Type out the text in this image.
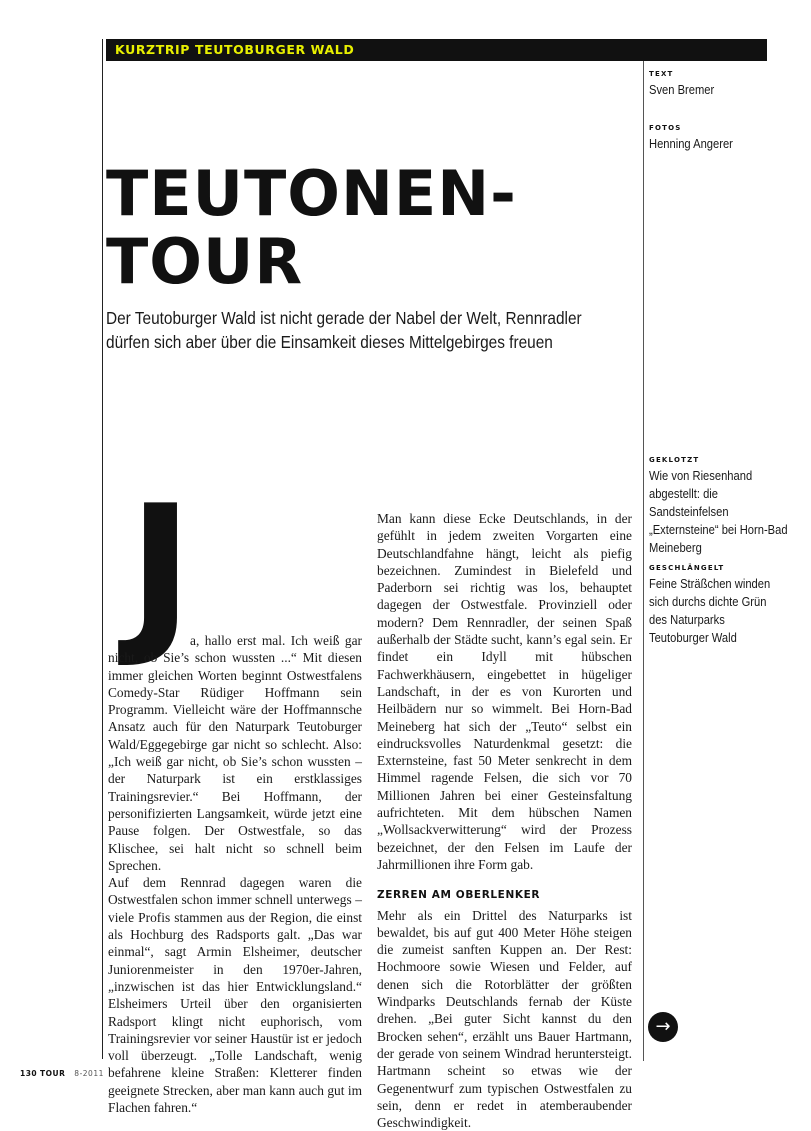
KURZTRIP TEUTOBURGER WALD
TEXT
Sven Bremer
FOTOS
Henning Angerer
TEUTONEN-
TOUR

Der Teutoburger Wald ist nicht gerade der Nabel der Welt, Rennradler dürfen sich aber über die Einsamkeit dieses Mittelgebirges freuen

GEKLOTZT
Wie von Riesenhand abgestellt: die Sandsteinfelsen „Externsteine“ bei Horn-Bad Meineberg
GESCHLÄNGELT
Feine Sträßchen winden sich durchs dichte Grün des Naturparks Teutoburger Wald
J

a, hallo erst mal. Ich weiß gar nicht, ob Sie’s schon wussten ...“ Mit diesen immer gleichen Worten beginnt Ostwestfalens Comedy-Star Rüdiger Hoffmann sein Programm. Vielleicht wäre der Hoffmannsche Ansatz auch für den Naturpark Teutoburger Wald/Eggegebirge gar nicht so schlecht. Also: „Ich weiß gar nicht, ob Sie’s schon wussten – der Naturpark ist ein erstklassiges Trainingsrevier.“ Bei Hoffmann, der personifizierten Langsamkeit, würde jetzt eine Pause folgen. Der Ostwestfale, so das Klischee, sei halt nicht so schnell beim Sprechen.

Auf dem Rennrad dagegen waren die Ostwestfalen schon immer schnell unterwegs – viele Profis stammen aus der Region, die einst als Hochburg des Radsports galt. „Das war einmal“, sagt Armin Elsheimer, deutscher Juniorenmeister in den 1970er-Jahren, „inzwischen ist das hier Entwicklungsland.“ Elsheimers Urteil über den organisierten Radsport klingt nicht euphorisch, vom Trainingsrevier vor seiner Haustür ist er jedoch voll überzeugt. „Tolle Landschaft, wenig befahrene kleine Straßen: Kletterer finden geeignete Strecken, aber man kann auch gut im Flachen fahren.“

Man kann diese Ecke Deutschlands, in der gefühlt in jedem zweiten Vorgarten eine Deutschlandfahne hängt, leicht als piefig bezeichnen. Zumindest in Bielefeld und Paderborn sei richtig was los, behauptet dagegen der Ostwestfale. Provinziell oder modern? Dem Rennradler, der seinen Spaß außerhalb der Städte sucht, kann’s egal sein. Er findet ein Idyll mit hübschen Fachwerkhäusern, eingebettet in hügeliger Landschaft, in der es von Kurorten und Heilbädern nur so wimmelt. Bei Horn-Bad Meineberg hat sich der „Teuto“ selbst ein eindrucksvolles Naturdenkmal gesetzt: die Externsteine, fast 50 Meter senkrecht in dem Himmel ragende Felsen, die sich vor 70 Millionen Jahren bei einer Gesteinsfaltung aufrichteten. Mit dem hübschen Namen „Wollsackverwitterung“ wird der Prozess bezeichnet, der den Felsen im Laufe der Jahrmillionen ihre Form gab.

ZERREN AM OBERLENKER

Mehr als ein Drittel des Naturparks ist bewaldet, bis auf gut 400 Meter Höhe steigen die zumeist sanften Kuppen an. Der Rest: Hochmoore sowie Wiesen und Felder, auf denen sich die Rotorblätter der größten Windparks Deutschlands fernab der Küste drehen. „Bei guter Sicht kannst du den Brocken sehen“, erzählt uns Bauer Hartmann, der gerade von seinem Windrad heruntersteigt. Hartmann scheint so etwas wie der Gegenentwurf zum typischen Ostwestfalen zu sein, denn er redet in atemberaubender Geschwindigkeit.

→
130 TOUR 8-2011
